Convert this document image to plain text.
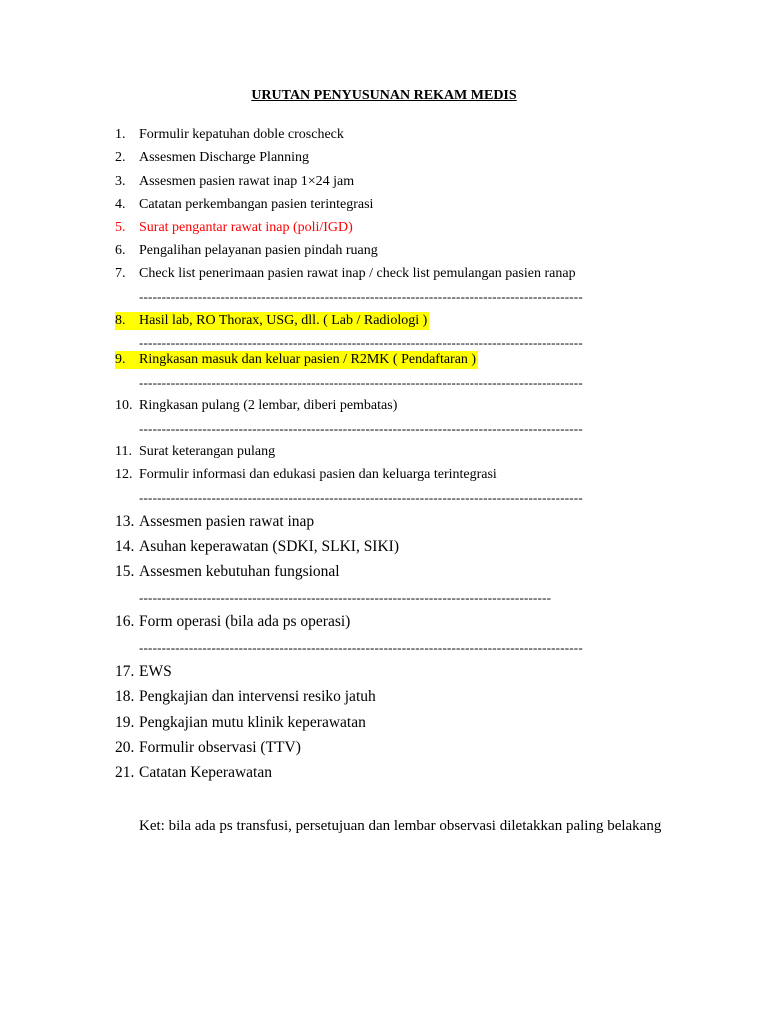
URUTAN PENYUSUNAN REKAM MEDIS
1. Formulir kepatuhan doble croscheck
2. Assesmen Discharge Planning
3. Assesmen pasien rawat inap 1×24 jam
4. Catatan perkembangan pasien terintegrasi
5. Surat pengantar rawat inap (poli/IGD)
6. Pengalihan pelayanan pasien pindah ruang
7. Check list penerimaan pasien rawat inap / check list pemulangan pasien ranap
--------------------------------------------------------------------------------------------------
8. Hasil lab, RO Thorax, USG, dll. ( Lab / Radiologi )
--------------------------------------------------------------------------------------------------
9. Ringkasan masuk dan keluar pasien / R2MK ( Pendaftaran )
--------------------------------------------------------------------------------------------------
10. Ringkasan pulang (2 lembar, diberi pembatas)
--------------------------------------------------------------------------------------------------
11. Surat keterangan pulang
12. Formulir informasi dan edukasi pasien dan keluarga terintegrasi
--------------------------------------------------------------------------------------------------
13. Assesmen pasien rawat inap
14. Asuhan keperawatan (SDKI, SLKI, SIKI)
15. Assesmen kebutuhan fungsional
-------------------------------------------------------------------------------------------
16. Form operasi (bila ada ps operasi)
--------------------------------------------------------------------------------------------------
17. EWS
18. Pengkajian dan intervensi resiko jatuh
19. Pengkajian mutu klinik keperawatan
20. Formulir observasi (TTV)
21. Catatan Keperawatan
Ket: bila ada ps transfusi, persetujuan dan lembar observasi diletakkan paling belakang
